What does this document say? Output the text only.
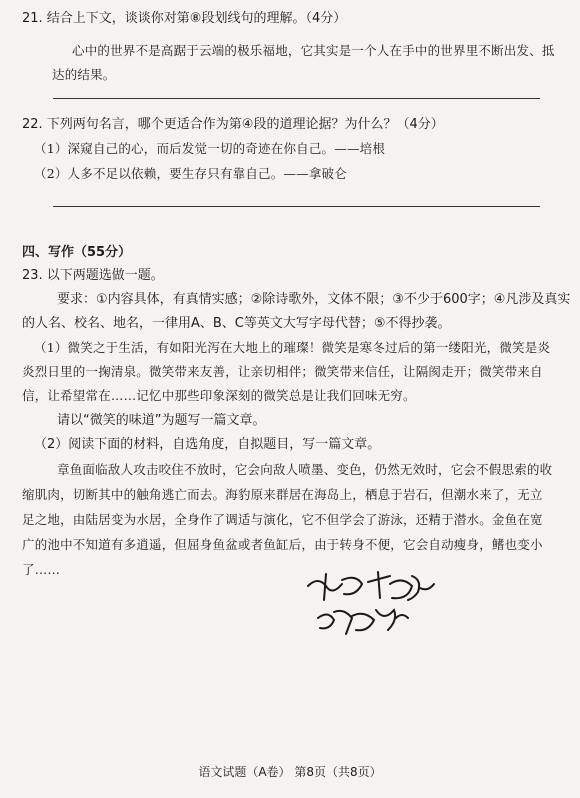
21. 结合上下文，谈谈你对第⑧段划线句的理解。（4分）
心中的世界不是高踞于云端的极乐福地，它其实是一个人在手中的世界里不断出发、抵
达的结果。
22. 下列两句名言，哪个更适合作为第④段的道理论据？为什么？（4分）
（1）深窥自己的心，而后发觉一切的奇迹在你自己。——培根
（2）人多不足以依赖，要生存只有靠自己。——拿破仑
四、写作（55分）
23. 以下两题选做一题。
要求：①内容具体，有真情实感；②除诗歌外，文体不限；③不少于600字；④凡涉及真实
的人名、校名、地名，一律用A、B、C等英文大写字母代替；⑤不得抄袭。
（1）微笑之于生活，有如阳光泻在大地上的璀璨！微笑是寒冬过后的第一缕阳光，微笑是炎
炎烈日里的一掬清泉。微笑带来友善，让亲切相伴；微笑带来信任，让隔阂走开；微笑带来自
信，让希望常在……记忆中那些印象深刻的微笑总是让我们回味无穷。
请以“微笑的味道”为题写一篇文章。
（2）阅读下面的材料，自选角度，自拟题目，写一篇文章。
章鱼面临敌人攻击咬住不放时，它会向敌人喷墨、变色，仍然无效时，它会不假思索的收
缩肌肉，切断其中的触角逃亡而去。海豹原来群居在海岛上，栖息于岩石，但潮水来了，无立
足之地，由陆居变为水居，全身作了调适与演化，它不但学会了游泳，还精于潜水。金鱼在宽
广的池中不知道有多逍遥，但屈身鱼盆或者鱼缸后，由于转身不便，它会自动瘦身，鳍也变小
了……
语文试题（A卷） 第8页（共8页）
